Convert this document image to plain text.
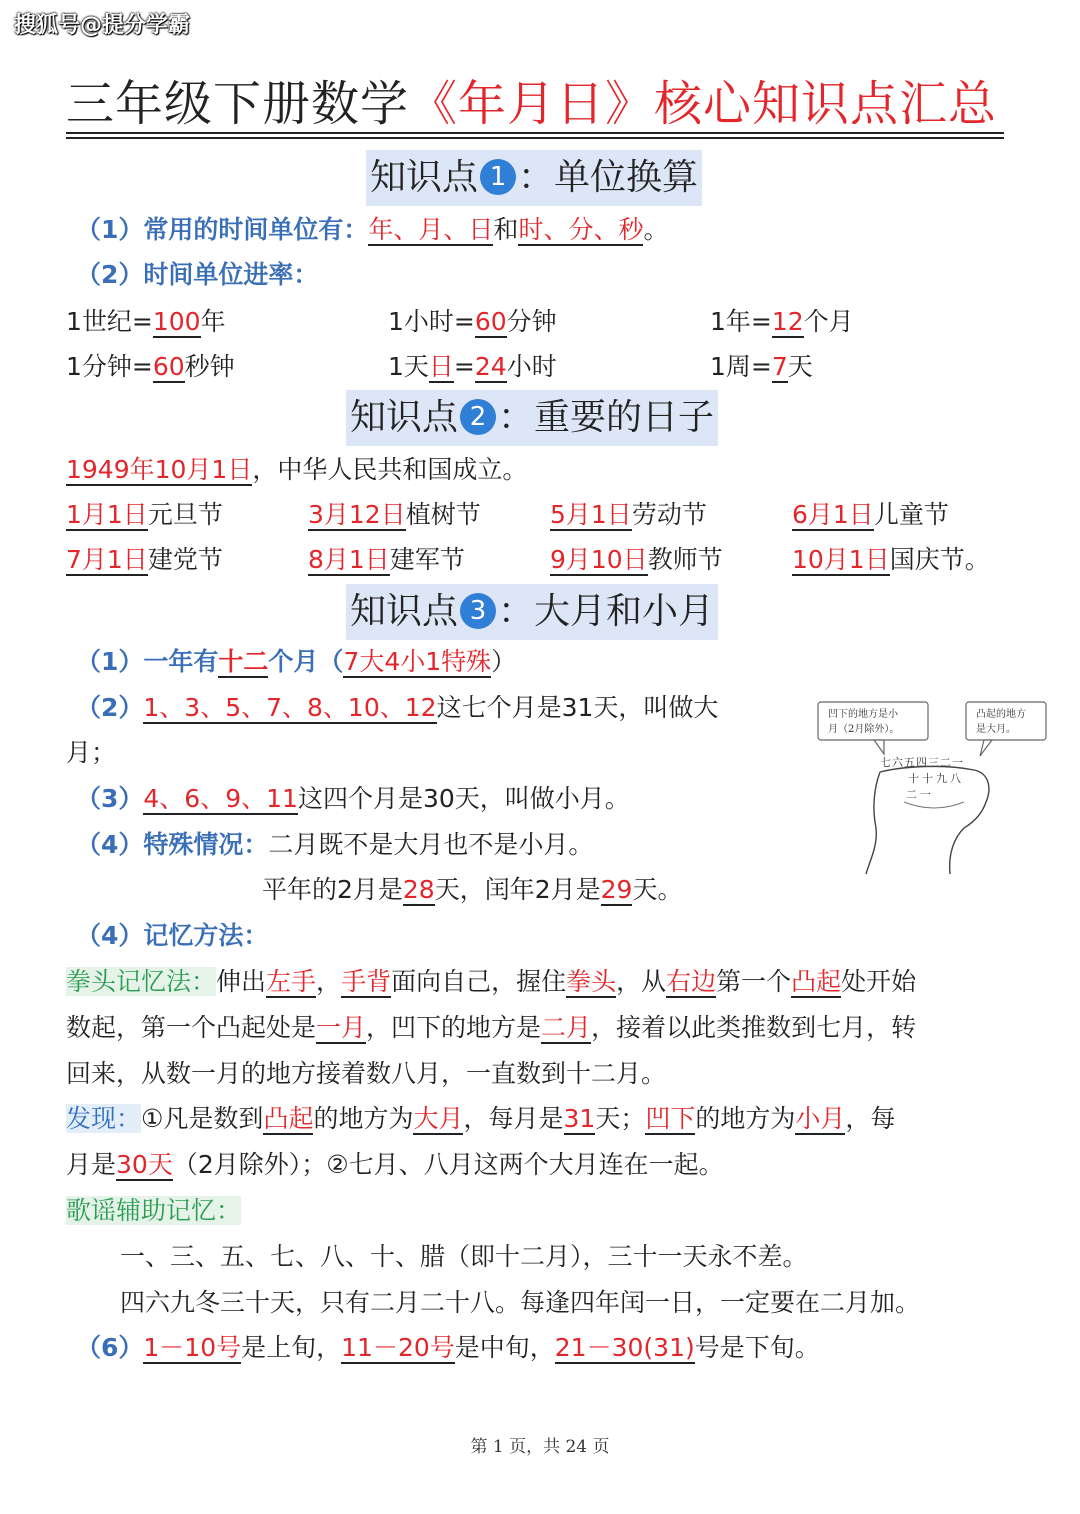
搜狐号@提分学霸
三年级下册数学《年月日》核心知识点汇总
知识点 1 ：单位换算
（1）常用的时间单位有：年、月、日和时、分、秒。
（2）时间单位进率：
1世纪=100年	1小时=60分钟	1年=12个月
1分钟=60秒钟	1天日=24小时	1周=7天
知识点 2 ：重要的日子
1949年10月1日，中华人民共和国成立。
1月1日元旦节	3月12日植树节	5月1日劳动节	6月1日儿童节
7月1日建党节	8月1日建军节	9月10日教师节	10月1日国庆节。
知识点 3 ：大月和小月
（1）一年有十二个月（7大4小1特殊）
（2）1、3、5、7、8、10、12这七个月是31天，叫做大
月；
（3）4、6、9、11这四个月是30天，叫做小月。
（4）特殊情况：二月既不是大月也不是小月。
平年的2月是28天，闰年2月是29天。
（4）记忆方法：
拳头记忆法：伸出左手，手背面向自己，握住拳头，从右边第一个凸起处开始
数起，第一个凸起处是一月，凹下的地方是二月，接着以此类推数到七月，转
回来，从数一月的地方接着数八月，一直数到十二月。
发现：①凡是数到凸起的地方为大月，每月是31天；凹下的地方为小月，每
月是30天（2月除外）；②七月、八月这两个大月连在一起。
歌谣辅助记忆：
一、三、五、七、八、十、腊（即十二月），三十一天永不差。
四六九冬三十天，只有二月二十八。每逢四年闰一日，一定要在二月加。
（6）1－10号是上旬，11－20号是中旬，21－30(31)号是下旬。
凹下的地方是小
月（2月除外）。
凸起的地方
是大月。
七六五四三二一
十十九八
二一
第 1 页，共 24 页
